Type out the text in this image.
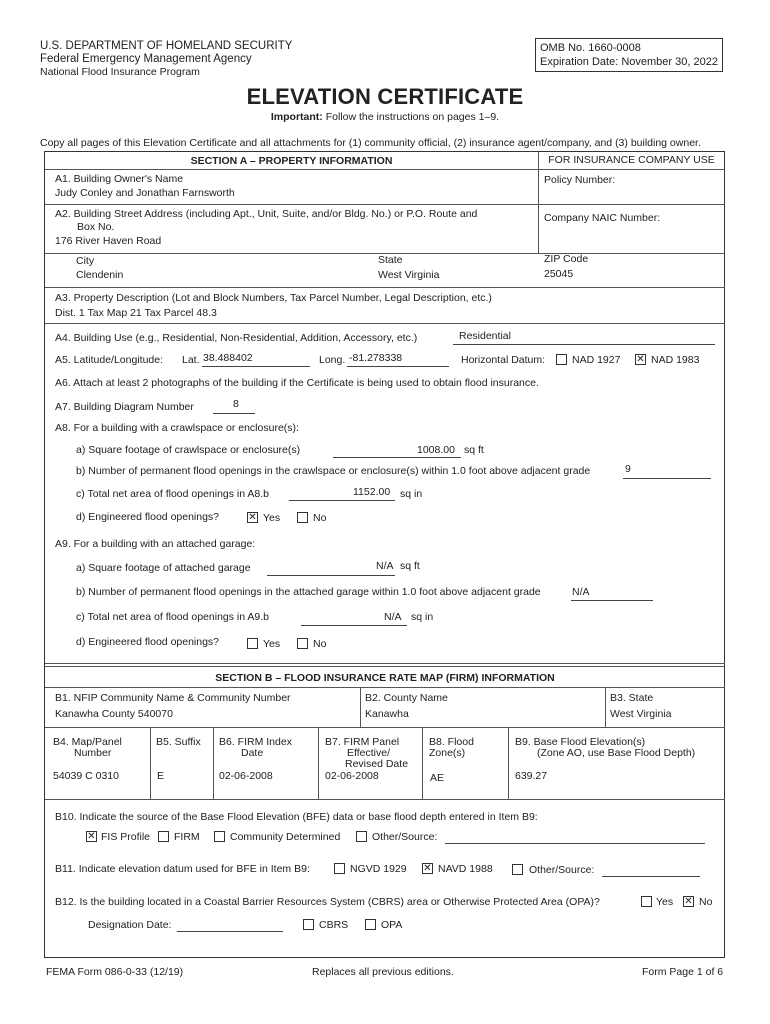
U.S. DEPARTMENT OF HOMELAND SECURITY
Federal Emergency Management Agency
National Flood Insurance Program
OMB No. 1660-0008
Expiration Date: November 30, 2022
ELEVATION CERTIFICATE
Important: Follow the instructions on pages 1–9.
Copy all pages of this Elevation Certificate and all attachments for (1) community official, (2) insurance agent/company, and (3) building owner.
SECTION A – PROPERTY INFORMATION	FOR INSURANCE COMPANY USE
Policy Number:
Company NAIC Number:
A1. Building Owner's Name
Judy Conley and Jonathan Farnsworth
A2. Building Street Address (including Apt., Unit, Suite, and/or Bldg. No.) or P.O. Route and
Box No.
176 River Haven Road
City
Clendenin
State
West Virginia
ZIP Code
25045
A3. Property Description (Lot and Block Numbers, Tax Parcel Number, Legal Description, etc.)
Dist. 1 Tax Map 21 Tax Parcel 48.3
A4. Building Use (e.g., Residential, Non-Residential, Addition, Accessory, etc.)	Residential
A5. Latitude/Longitude: Lat. 38.488402	Long. -81.278338	Horizontal Datum:	NAD 1927 ✕ NAD 1983
A6. Attach at least 2 photographs of the building if the Certificate is being used to obtain flood insurance.
A7. Building Diagram Number	8
A8. For a building with a crawlspace or enclosure(s):
a) Square footage of crawlspace or enclosure(s)	1008.00 sq ft
b) Number of permanent flood openings in the crawlspace or enclosure(s) within 1.0 foot above adjacent grade	9
c) Total net area of flood openings in A8.b	1152.00 sq in
d) Engineered flood openings?	✕ Yes	No
A9. For a building with an attached garage:
a) Square footage of attached garage	N/A sq ft
b) Number of permanent flood openings in the attached garage within 1.0 foot above adjacent grade	N/A
c) Total net area of flood openings in A9.b	N/A sq in
d) Engineered flood openings?	Yes	No
SECTION B – FLOOD INSURANCE RATE MAP (FIRM) INFORMATION
B1. NFIP Community Name & Community Number
Kanawha County 540070
B2. County Name
Kanawha
B3. State
West Virginia
B4. Map/Panel
Number
54039 C 0310
B5. Suffix
E
B6. FIRM Index
Date
02-06-2008
B7. FIRM Panel
Effective/
Revised Date
02-06-2008
B8. Flood
Zone(s)
AE
B9. Base Flood Elevation(s)
(Zone AO, use Base Flood Depth)
639.27
B10. Indicate the source of the Base Flood Elevation (BFE) data or base flood depth entered in Item B9:
✕ FIS Profile FIRM	Community Determined	Other/Source:
B11. Indicate elevation datum used for BFE in Item B9:	NGVD 1929 ✕ NAVD 1988	Other/Source:
B12. Is the building located in a Coastal Barrier Resources System (CBRS) area or Otherwise Protected Area (OPA)?	Yes ✕ No
Designation Date:	CBRS	OPA
FEMA Form 086-0-33 (12/19)	Replaces all previous editions.	Form Page 1 of 6
